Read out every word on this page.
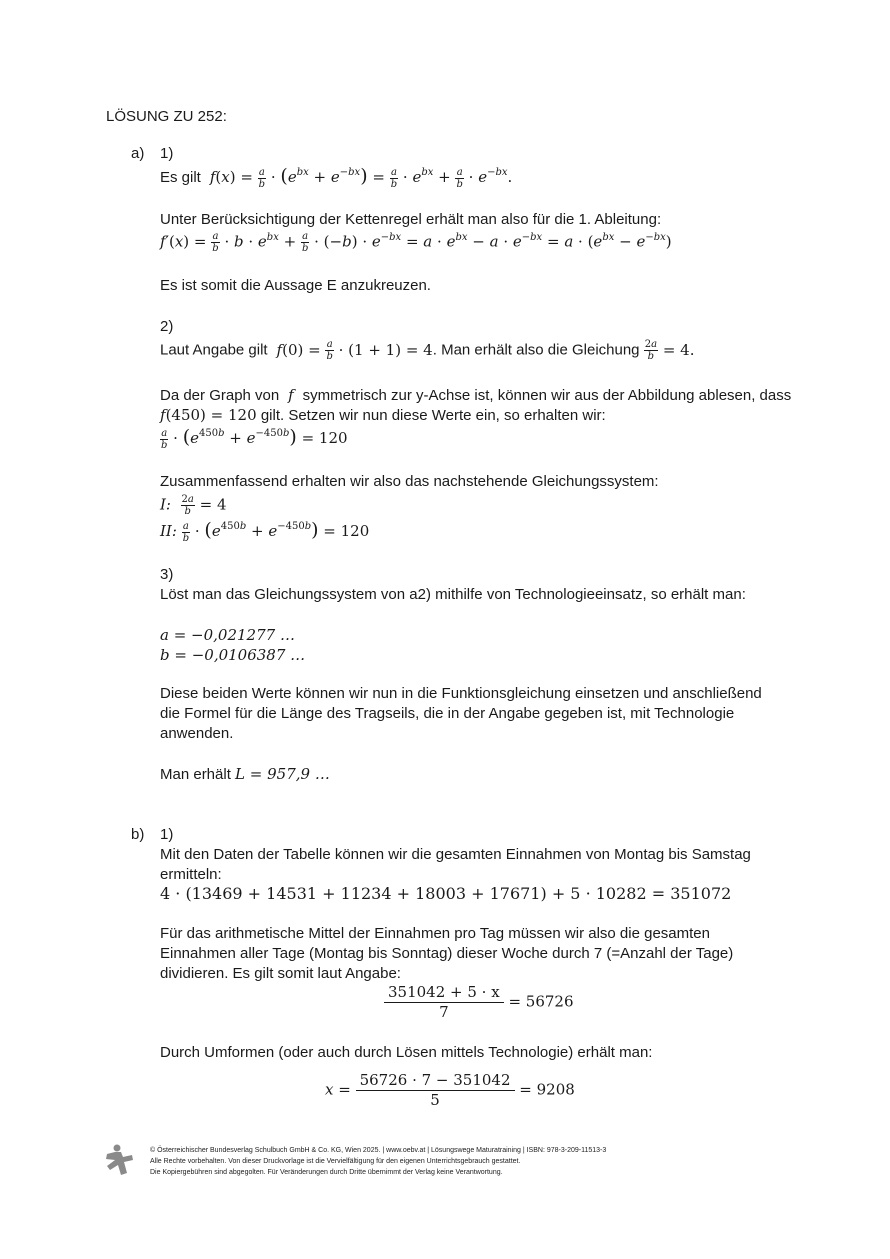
LÖSUNG ZU 252:
a) 1)
Es gilt $f(x) = \frac{a}{b} \cdot (e^{bx} + e^{-bx}) = \frac{a}{b} \cdot e^{bx} + \frac{a}{b} \cdot e^{-bx}$.
Unter Berücksichtigung der Kettenregel erhält man also für die 1. Ableitung:
$f'(x) = \frac{a}{b} \cdot b \cdot e^{bx} + \frac{a}{b} \cdot (-b) \cdot e^{-bx} = a \cdot e^{bx} - a \cdot e^{-bx} = a \cdot (e^{bx} - e^{-bx})$
Es ist somit die Aussage E anzukreuzen.
2)
Laut Angabe gilt $f(0) = \frac{a}{b} \cdot (1 + 1) = 4$. Man erhält also die Gleichung $\frac{2a}{b} = 4$.
Da der Graph von  f  symmetrisch zur y-Achse ist, können wir aus der Abbildung ablesen, dass
f(450) = 120 gilt. Setzen wir nun diese Werte ein, so erhalten wir:
$\frac{a}{b} \cdot (e^{450b} + e^{-450b}) = 120$
Zusammenfassend erhalten wir also das nachstehende Gleichungssystem:
I: $\frac{2a}{b} = 4$
II: $\frac{a}{b} \cdot (e^{450b} + e^{-450b}) = 120$
3)
Löst man das Gleichungssystem von a2) mithilfe von Technologieeinsatz, so erhält man:
a = −0,021277 …
b = −0,0106387 …
Diese beiden Werte können wir nun in die Funktionsgleichung einsetzen und anschließend
die Formel für die Länge des Tragseils, die in der Angabe gegeben ist, mit Technologie
anwenden.
Man erhält L = 957,9 …
b) 1)
Mit den Daten der Tabelle können wir die gesamten Einnahmen von Montag bis Samstag
ermitteln:
4 · (13469 + 14531 + 11234 + 18003 + 17671) + 5 · 10282 = 351072
Für das arithmetische Mittel der Einnahmen pro Tag müssen wir also die gesamten
Einnahmen aller Tage (Montag bis Sonntag) dieser Woche durch 7 (=Anzahl der Tage)
dividieren. Es gilt somit laut Angabe:
$\frac{351042 + 5 \cdot x}{7} = 56726$
Durch Umformen (oder auch durch Lösen mittels Technologie) erhält man:
$x = \frac{56726 \cdot 7 - 351042}{5} = 9208$
© Österreichischer Bundesverlag Schulbuch GmbH & Co. KG, Wien 2025. | www.oebv.at | Lösungswege Maturatraining | ISBN: 978-3-209-11513-3
Alle Rechte vorbehalten. Von dieser Druckvorlage ist die Vervielfältigung für den eigenen Unterrichtsgebrauch gestattet.
Die Kopiergebühren sind abgegolten. Für Veränderungen durch Dritte übernimmt der Verlag keine Verantwortung.
